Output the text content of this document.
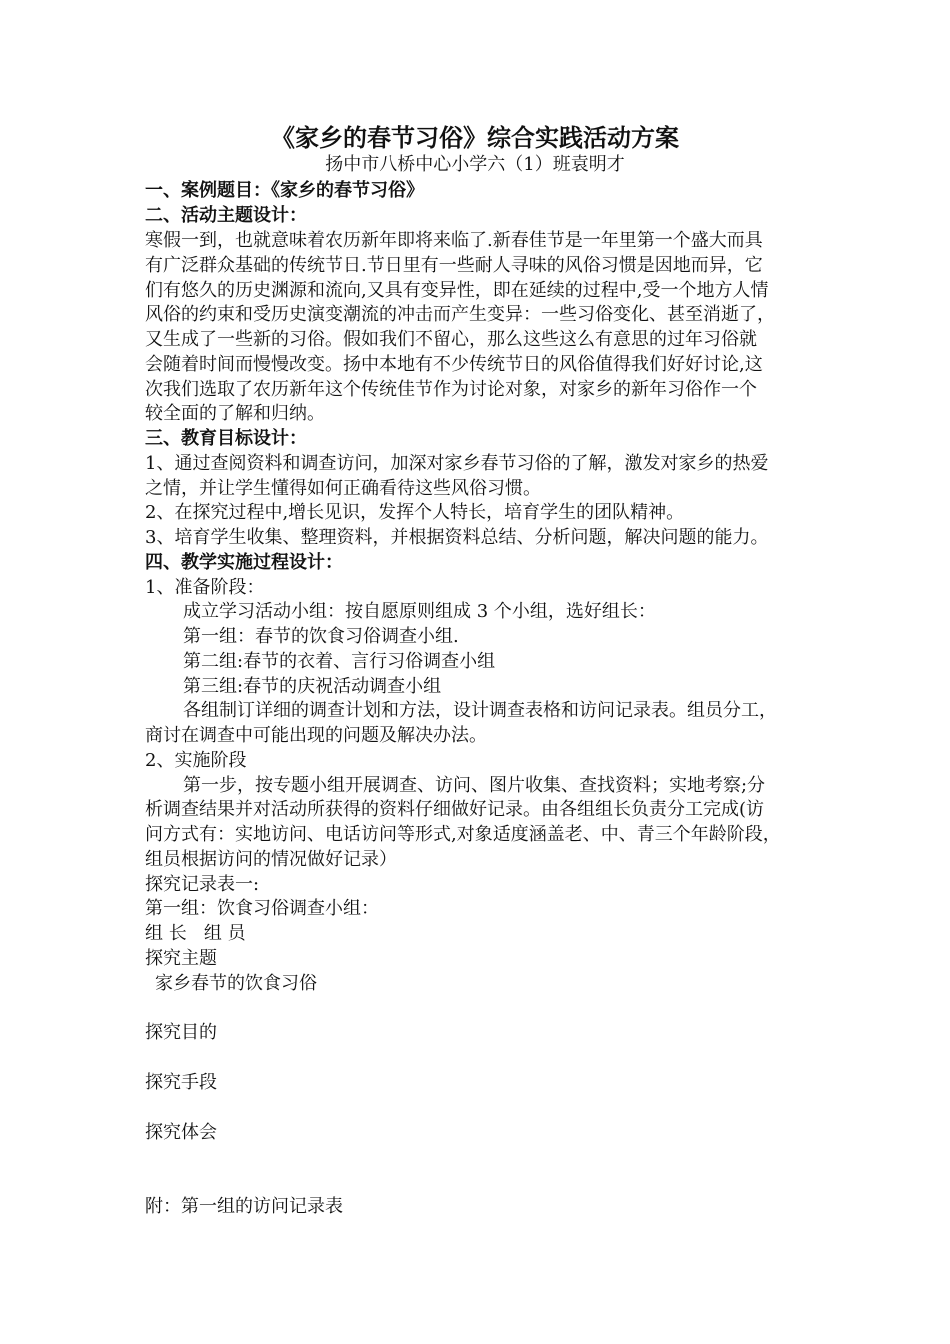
《家乡的春节习俗》综合实践活动方案
扬中市八桥中心小学六（1）班袁明才
一、案例题目：《家乡的春节习俗》
二、活动主题设计：
寒假一到，也就意味着农历新年即将来临了.新春佳节是一年里第一个盛大而具
有广泛群众基础的传统节日.节日里有一些耐人寻味的风俗习惯是因地而异，它
们有悠久的历史渊源和流向,又具有变异性，即在延续的过程中,受一个地方人情
风俗的约束和受历史演变潮流的冲击而产生变异：一些习俗变化、甚至消逝了，
又生成了一些新的习俗。假如我们不留心，那么这些这么有意思的过年习俗就
会随着时间而慢慢改变。扬中本地有不少传统节日的风俗值得我们好好讨论,这
次我们选取了农历新年这个传统佳节作为讨论对象，对家乡的新年习俗作一个
较全面的了解和归纳。
三、教育目标设计：
1、通过查阅资料和调查访问，加深对家乡春节习俗的了解，激发对家乡的热爱
之情，并让学生懂得如何正确看待这些风俗习惯。
2、在探究过程中,增长见识，发挥个人特长，培育学生的团队精神。
3、培育学生收集、整理资料，并根据资料总结、分析问题，解决问题的能力。
四、教学实施过程设计：
1、准备阶段：
成立学习活动小组：按自愿原则组成 3 个小组，选好组长：
第一组：春节的饮食习俗调查小组.
第二组:春节的衣着、言行习俗调查小组
第三组:春节的庆祝活动调查小组
各组制订详细的调查计划和方法，设计调查表格和访问记录表。组员分工，
商讨在调查中可能出现的问题及解决办法。
2、实施阶段
第一步，按专题小组开展调查、访问、图片收集、查找资料；实地考察;分
析调查结果并对活动所获得的资料仔细做好记录。由各组组长负责分工完成(访
问方式有：实地访问、电话访问等形式,对象适度涵盖老、中、青三个年龄阶段，
组员根据访问的情况做好记录）
探究记录表一:
第一组：饮食习俗调查小组：
组 长   组 员
探究主题
家乡春节的饮食习俗
探究目的
探究手段
探究体会
附：第一组的访问记录表
